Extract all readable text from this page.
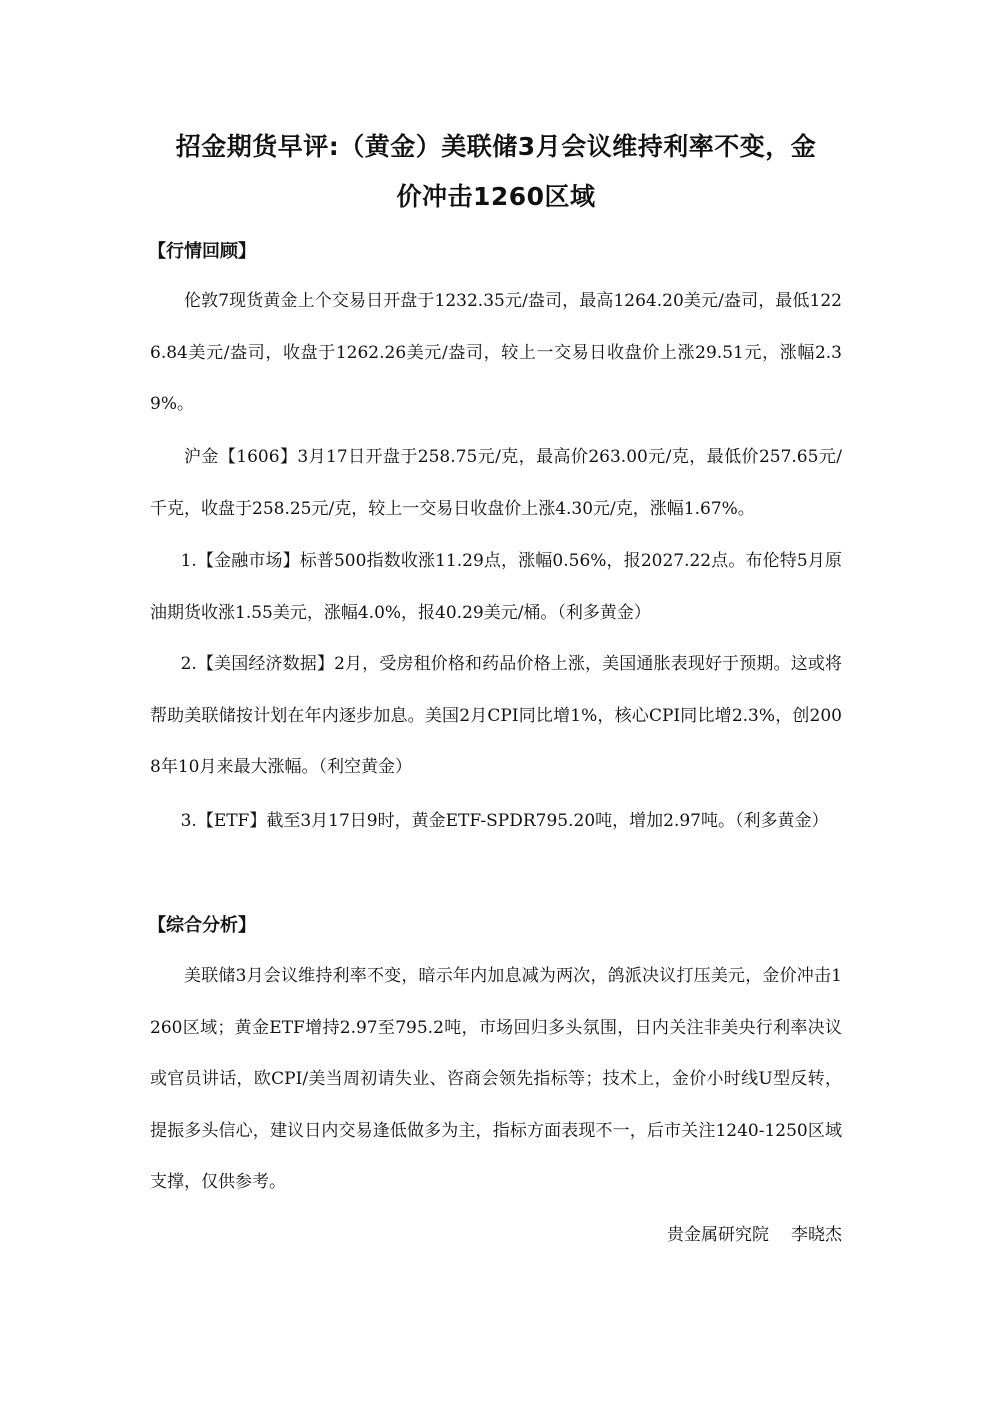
招金期货早评:（黄金）美联储3月会议维持利率不变，金
价冲击1260区域
【行情回顾】
伦敦7现货黄金上个交易日开盘于1232.35元/盎司，最高1264.20美元/盎司，最低1226.84美元/盎司，收盘于1262.26美元/盎司，较上一交易日收盘价上涨29.51元，涨幅2.39%。
沪金【1606】3月17日开盘于258.75元/克，最高价263.00元/克，最低价257.65元/千克，收盘于258.25元/克，较上一交易日收盘价上涨4.30元/克，涨幅1.67%。
1.【金融市场】标普500指数收涨11.29点，涨幅0.56%，报2027.22点。布伦特5月原油期货收涨1.55美元，涨幅4.0%，报40.29美元/桶。（利多黄金）
2.【美国经济数据】2月，受房租价格和药品价格上涨，美国通胀表现好于预期。这或将帮助美联储按计划在年内逐步加息。美国2月CPI同比增1%，核心CPI同比增2.3%，创2008年10月来最大涨幅。（利空黄金）
3.【ETF】截至3月17日9时，黄金ETF-SPDR795.20吨，增加2.97吨。（利多黄金）
【综合分析】
美联储3月会议维持利率不变，暗示年内加息减为两次，鸽派决议打压美元，金价冲击1260区域；黄金ETF增持2.97至795.2吨，市场回归多头氛围，日内关注非美央行利率决议或官员讲话，欧CPI/美当周初请失业、咨商会领先指标等；技术上，金价小时线U型反转，提振多头信心，建议日内交易逢低做多为主，指标方面表现不一，后市关注1240-1250区域支撑，仅供参考。
贵金属研究院 李晓杰
